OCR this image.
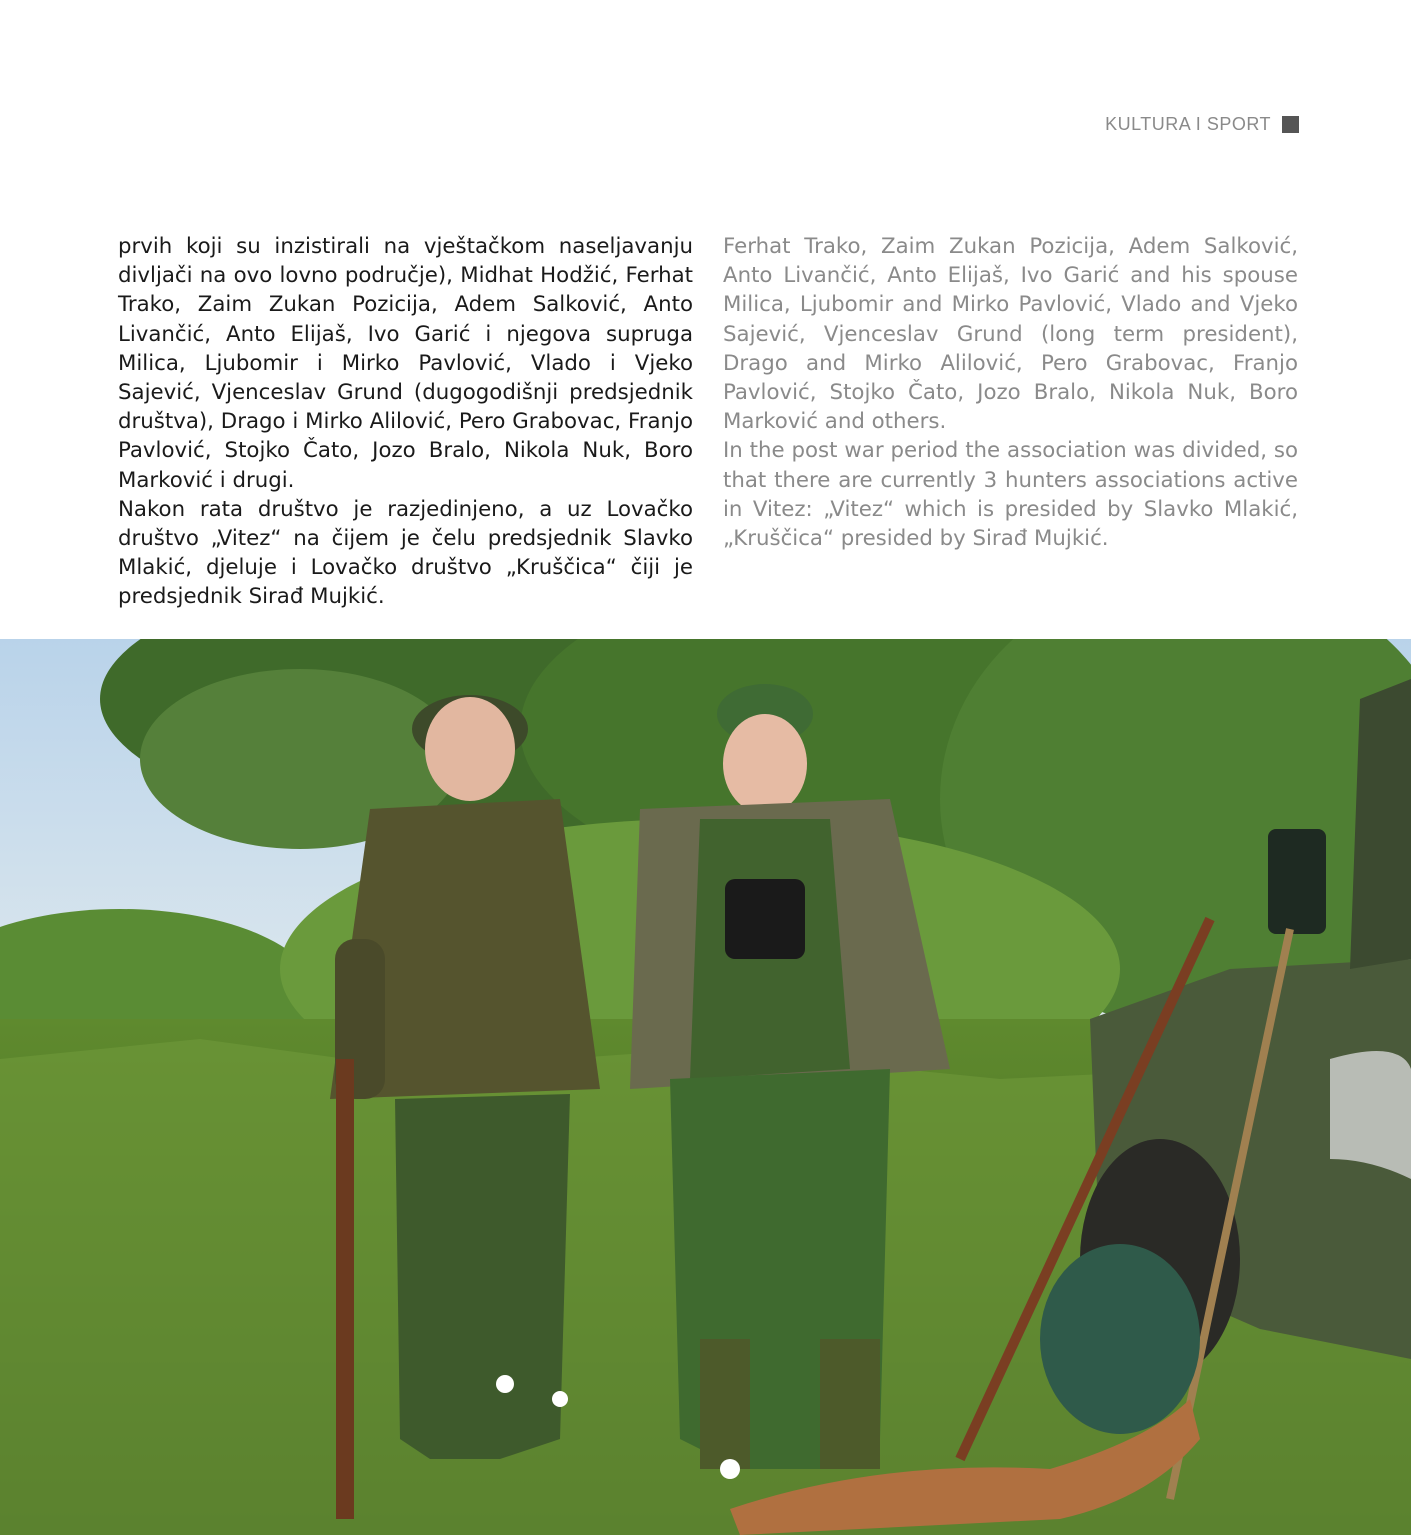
KULTURA I SPORT

prvih koji su inzistirali na vještačkom naseljavanju divljači na ovo lovno područje), Midhat Hodžić, Ferhat Trako, Zaim Zukan Pozicija, Adem Salković, Anto Livančić, Anto Elijaš, Ivo Garić i njegova supruga Milica, Ljubomir i Mirko Pavlović, Vlado i Vjeko Sajević, Vjenceslav Grund (dugogodišnji predsjednik društva), Drago i Mirko Alilović, Pero Grabovac, Franjo Pavlović, Stojko Čato, Jozo Bralo, Nikola Nuk, Boro Marković i drugi.

Nakon rata društvo je razjedinjeno, a uz Lovačko društvo „Vitez“ na čijem je čelu predsjednik Slavko Mlakić, djeluje i Lovačko društvo „Kruščica“ čiji je predsjednik Sirađ Mujkić.

Ferhat Trako, Zaim Zukan Pozicija, Adem Salković, Anto Livančić, Anto Elijaš, Ivo Garić and his spouse Milica, Ljubomir and Mirko Pavlović, Vlado and Vjeko Sajević, Vjenceslav Grund (long term president), Drago and Mirko Alilović, Pero Grabovac, Franjo Pavlović, Stojko Čato, Jozo Bralo, Nikola Nuk, Boro Marković and others.

In the post war period the association was divided, so that there are currently 3 hunters associations active in Vitez: „Vitez“ which is presided by Slavko Mlakić, „Kruščica“ presided by Sirađ Mujkić.
